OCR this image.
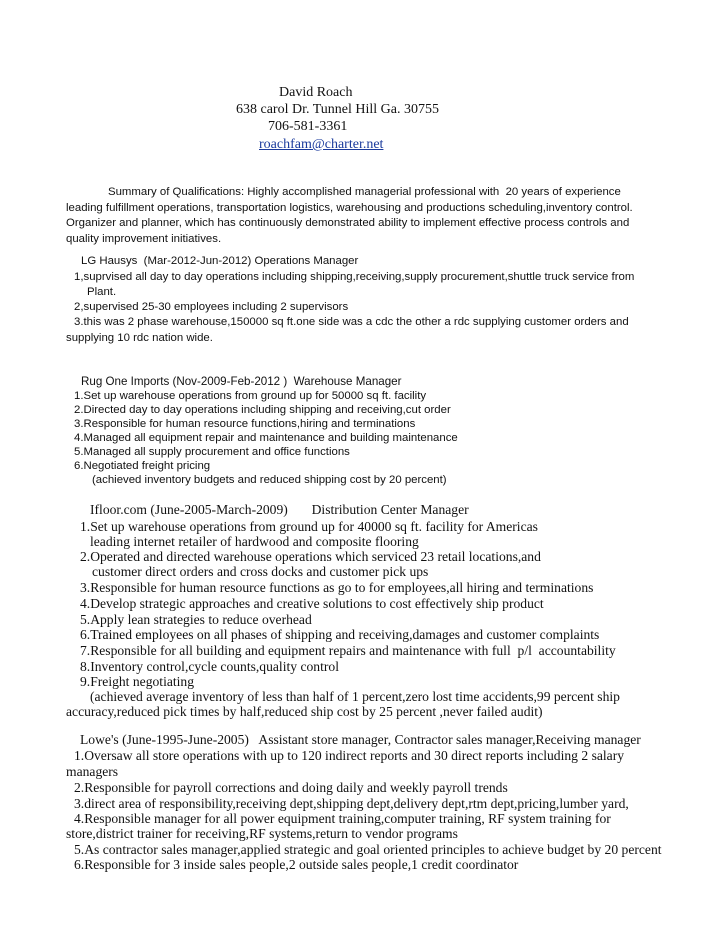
David Roach
638 carol Dr. Tunnel Hill Ga. 30755
706-581-3361
roachfam@charter.net
Summary of Qualifications: Highly accomplished managerial professional with  20 years of experience
leading fulfillment operations, transportation logistics, warehousing and productions scheduling,inventory control.
Organizer and planner, which has continuously demonstrated ability to implement effective process controls and
quality improvement initiatives.
LG Hausys  (Mar-2012-Jun-2012) Operations Manager
1,suprvised all day to day operations including shipping,receiving,supply procurement,shuttle truck service from
Plant.
2,supervised 25-30 employees including 2 supervisors
3.this was 2 phase warehouse,150000 sq ft.one side was a cdc the other a rdc supplying customer orders and
supplying 10 rdc nation wide.
Rug One Imports (Nov-2009-Feb-2012 )  Warehouse Manager
1.Set up warehouse operations from ground up for 50000 sq ft. facility
2.Directed day to day operations including shipping and receiving,cut order
3.Responsible for human resource functions,hiring and terminations
4.Managed all equipment repair and maintenance and building maintenance
5.Managed all supply procurement and office functions
6.Negotiated freight pricing
(achieved inventory budgets and reduced shipping cost by 20 percent)
Ifloor.com (June-2005-March-2009)       Distribution Center Manager
1.Set up warehouse operations from ground up for 40000 sq ft. facility for Americas
leading internet retailer of hardwood and composite flooring
2.Operated and directed warehouse operations which serviced 23 retail locations,and
customer direct orders and cross docks and customer pick ups
3.Responsible for human resource functions as go to for employees,all hiring and terminations
4.Develop strategic approaches and creative solutions to cost effectively ship product
5.Apply lean strategies to reduce overhead
6.Trained employees on all phases of shipping and receiving,damages and customer complaints
7.Responsible for all building and equipment repairs and maintenance with full  p/l  accountability
8.Inventory control,cycle counts,quality control
9.Freight negotiating
(achieved average inventory of less than half of 1 percent,zero lost time accidents,99 percent ship
accuracy,reduced pick times by half,reduced ship cost by 25 percent ,never failed audit)
Lowe's (June-1995-June-2005)   Assistant store manager, Contractor sales manager,Receiving manager
1.Oversaw all store operations with up to 120 indirect reports and 30 direct reports including 2 salary
managers
2.Responsible for payroll corrections and doing daily and weekly payroll trends
3.direct area of responsibility,receiving dept,shipping dept,delivery dept,rtm dept,pricing,lumber yard,
4.Responsible manager for all power equipment training,computer training, RF system training for
store,district trainer for receiving,RF systems,return to vendor programs
5.As contractor sales manager,applied strategic and goal oriented principles to achieve budget by 20 percent
6.Responsible for 3 inside sales people,2 outside sales people,1 credit coordinator
